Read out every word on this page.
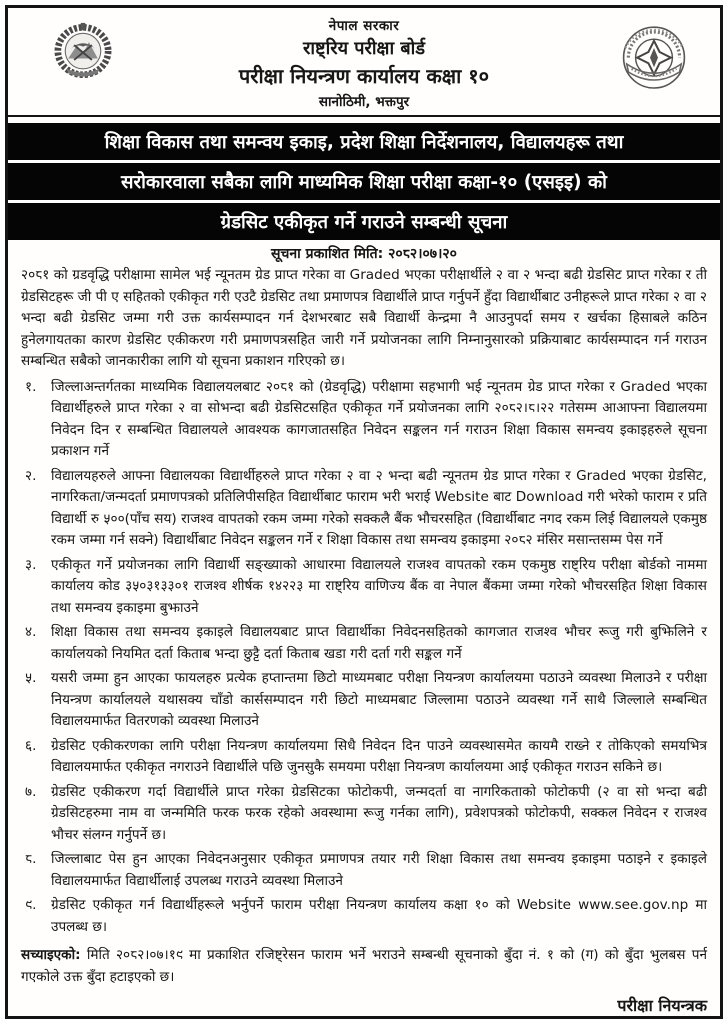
नेपाल सरकार
राष्ट्रिय परीक्षा बोर्ड
परीक्षा नियन्त्रण कार्यालय कक्षा १०
सानोठिमी, भक्तपुर
शिक्षा विकास तथा समन्वय इकाइ, प्रदेश शिक्षा निर्देशनालय, विद्यालयहरू तथा
सरोकारवाला सबैका लागि माध्यमिक शिक्षा परीक्षा कक्षा-१० (एसइइ) को
ग्रेडसिट एकीकृत गर्ने गराउने सम्बन्धी सूचना
सूचना प्रकाशित मिति: २०८२।०७।२०

२०८१ को ग्रडवृद्धि परीक्षामा सामेल भई न्यूनतम ग्रेड प्राप्त गरेका वा Graded भएका परीक्षार्थीले २ वा २ भन्दा बढी ग्रेडसिट प्राप्त गरेका र ती ग्रेडसिटहरू जी पी ए सहितको एकीकृत गरी एउटै ग्रेडसिट तथा प्रमाणपत्र विद्यार्थीले प्राप्त गर्नुपर्ने हुँदा विद्यार्थीबाट उनीहरूले प्राप्त गरेका २ वा २ भन्दा बढी ग्रेडसिट जम्मा गरी उक्त कार्यसम्पादन गर्न देशभरबाट सबै विद्यार्थी केन्द्रमा नै आउनुपर्दा समय र खर्चका हिसाबले कठिन हुनेलगायतका कारण ग्रेडसिट एकीकरण गरी प्रमाणपत्रसहित जारी गर्ने प्रयोजनका लागि निम्नानुसारको प्रक्रियाबाट कार्यसम्पादन गर्न गराउन सम्बन्धित सबैको जानकारीका लागि यो सूचना प्रकाशन गरिएको छ।

१.	जिल्लाअन्तर्गतका माध्यमिक विद्यालयलबाट २०८१ को (ग्रेडवृद्धि) परीक्षामा सहभागी भई न्यूनतम ग्रेड प्राप्त गरेका र Graded भएका विद्यार्थीहरुले प्राप्त गरेका २ वा सोभन्दा बढी ग्रेडसिटसहित एकीकृत गर्ने प्रयोजनका लागि २०८२।८।२२ गतेसम्म आआफ्ना विद्यालयमा निवेदन दिन र सम्बन्धित विद्यालयले आवश्यक कागजातसहित निवेदन सङ्कलन गर्न गराउन शिक्षा विकास समन्वय इकाइहरुले सूचना प्रकाशन गर्ने
२.	विद्यालयहरुले आफ्ना विद्यालयका विद्यार्थीहरुले प्राप्त गरेका २ वा २ भन्दा बढी न्यूनतम ग्रेड प्राप्त गरेका र Graded भएका ग्रेडसिट, नागरिकता/जन्मदर्ता प्रमाणपत्रको प्रतिलिपीसहित विद्यार्थीबाट फाराम भरी भराई Website बाट Download गरी भरेको फाराम र प्रति विद्यार्थी रु ५००(पाँच सय) राजश्व वापतको रकम जम्मा गरेको सक्कलै बैंक भौचरसहित (विद्यार्थीबाट नगद रकम लिई विद्यालयले एकमुष्ठ रकम जम्मा गर्न सक्ने) विद्यार्थीबाट निवेदन सङ्कलन गर्ने र शिक्षा विकास तथा समन्वय इकाइमा २०८२ मंसिर मसान्तसम्म पेस गर्ने
३.	एकीकृत गर्ने प्रयोजनका लागि विद्यार्थी सङ्ख्याको आधारमा विद्यालयले राजश्व वापतको रकम एकमुष्ठ राष्ट्रिय परीक्षा बोर्डको नाममा कार्यालय कोड ३५०३१३३०१ राजश्व शीर्षक १४२२३ मा राष्ट्रिय वाणिज्य बैंक वा नेपाल बैंकमा जम्मा गरेको भौचरसहित शिक्षा विकास तथा समन्वय इकाइमा बुझाउने
४.	शिक्षा विकास तथा समन्वय इकाइले विद्यालयबाट प्राप्त विद्यार्थीका निवेदनसहितको कागजात राजश्व भौचर रूजु गरी बुझिलिने र कार्यालयको नियमित दर्ता किताब भन्दा छुट्टै दर्ता किताब खडा गरी दर्ता गरी सङ्कल गर्ने
५.	यसरी जम्मा हुन आएका फायलहरु प्रत्येक हप्तान्तमा छिटो माध्यमबाट परीक्षा नियन्त्रण कार्यालयमा पठाउने व्यवस्था मिलाउने र परीक्षा नियन्त्रण कार्यालयले यथासक्य चाँडो कार्ससम्पादन गरी छिटो माध्यमबाट जिल्लामा पठाउने व्यवस्था गर्ने साथै जिल्लाले सम्बन्धित विद्यालयमार्फत वितरणको व्यवस्था मिलाउने
६.	ग्रेडसिट एकीकरणका लागि परीक्षा नियन्त्रण कार्यालयमा सिधै निवेदन दिन पाउने व्यवस्थासमेत कायमै राख्ने र तोकिएको समयभित्र विद्यालयमार्फत एकीकृत नगराउने विद्यार्थीले पछि जुनसुकै समयमा परीक्षा नियन्त्रण कार्यालयमा आई एकीकृत गराउन सकिने छ।
७.	ग्रेडसिट एकीकरण गर्दा विद्यार्थीले प्राप्त गरेका ग्रेडसिटका फोटोकपी, जन्मदर्ता वा नागरिकताको फोटोकपी (२ वा सो भन्दा बढी ग्रेडसिटहरुमा नाम वा जन्ममिति फरक फरक रहेको अवस्थामा रूजु गर्नका लागि), प्रवेशपत्रको फोटोकपी, सक्कल निवेदन र राजश्व भौचर संलग्न गर्नुपर्ने छ।
८.	जिल्लाबाट पेस हुन आएका निवेदनअनुसार एकीकृत प्रमाणपत्र तयार गरी शिक्षा विकास तथा समन्वय इकाइमा पठाइने र इकाइले विद्यालयमार्फत विद्यार्थीलाई उपलब्ध गराउने व्यवस्था मिलाउने
९.	ग्रेडसिट एकीकृत गर्न विद्यार्थीहरूले भर्नुपर्ने फाराम परीक्षा नियन्त्रण कार्यालय कक्षा १० को Website www.see.gov.np मा उपलब्ध छ।

सच्याइएको: मिति २०८२।०७।१९ मा प्रकाशित रजिष्ट्रेसन फाराम भर्ने भराउने सम्बन्धी सूचनाको बुँदा नं. १ को (ग) को बुँदा भुलबस पर्न गएकोले उक्त बुँदा हटाइएको छ।

परीक्षा नियन्त्रक
